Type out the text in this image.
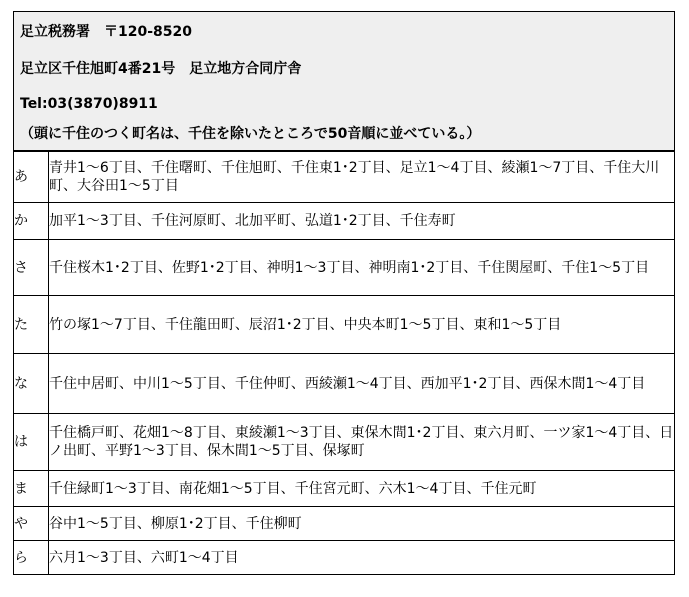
足立税務署　〒120-8520
足立区千住旭町4番21号　足立地方合同庁舎
Tel:03(3870)8911
（頭に千住のつく町名は、千住を除いたところで50音順に並べている。）
あ	青井1～6丁目、千住曙町、千住旭町、千住東1･2丁目、足立1～4丁目、綾瀬1～7丁目、千住大川町、大谷田1～5丁目
か	加平1～3丁目、千住河原町、北加平町、弘道1･2丁目、千住寿町
さ	千住桜木1･2丁目、佐野1･2丁目、神明1～3丁目、神明南1･2丁目、千住関屋町、千住1～5丁目
た	竹の塚1～7丁目、千住龍田町、辰沼1･2丁目、中央本町1～5丁目、東和1～5丁目
な	千住中居町、中川1～5丁目、千住仲町、西綾瀬1～4丁目、西加平1･2丁目、西保木間1～4丁目
は	千住橋戸町、花畑1～8丁目、東綾瀬1～3丁目、東保木間1･2丁目、東六月町、一ツ家1～4丁目、日ノ出町、平野1～3丁目、保木間1～5丁目、保塚町
ま	千住緑町1～3丁目、南花畑1～5丁目、千住宮元町、六木1～4丁目、千住元町
や	谷中1～5丁目、柳原1･2丁目、千住柳町
ら	六月1～3丁目、六町1～4丁目
